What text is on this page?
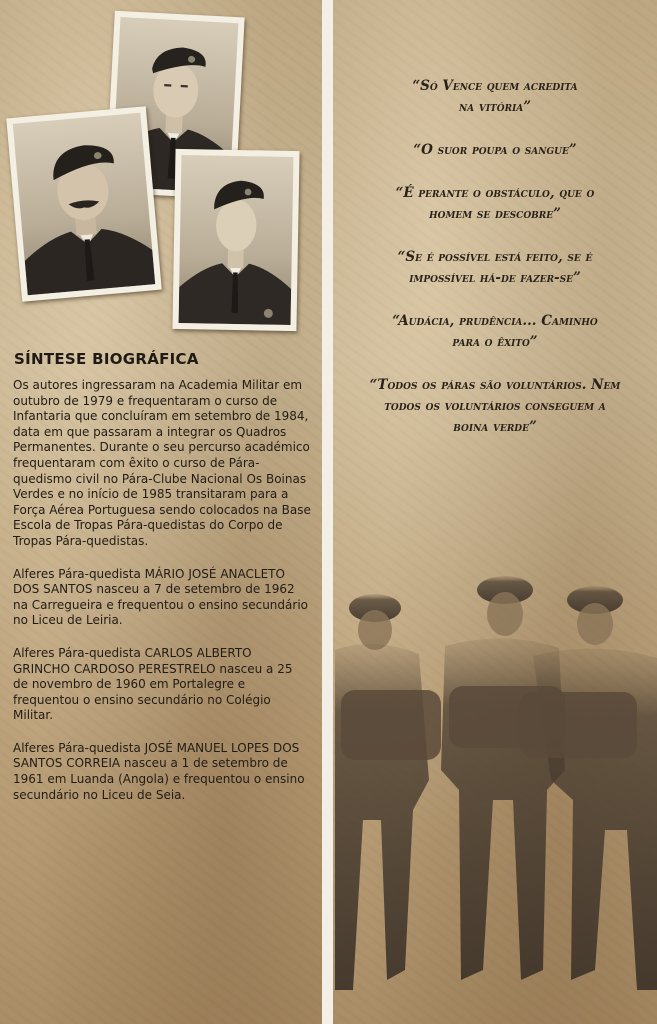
SÍNTESE BIOGRÁFICA

Os autores ingressaram na Academia Militar em outubro de 1979 e frequentaram o curso de Infantaria que concluíram em setembro de 1984, data em que passaram a integrar os Quadros Permanentes. Durante o seu percurso académico frequentaram com êxito o curso de Pára-quedismo civil no Pára-Clube Nacional Os Boinas Verdes e no início de 1985 transitaram para a Força Aérea Portuguesa sendo colocados na Base Escola de Tropas Pára-quedistas do Corpo de Tropas Pára-quedistas.

Alferes Pára-quedista MÁRIO JOSÉ ANACLETO DOS SANTOS nasceu a 7 de setembro de 1962 na Carregueira e frequentou o ensino secundário no Liceu de Leiria.

Alferes Pára-quedista CARLOS ALBERTO GRINCHO CARDOSO PERESTRELO nasceu a 25 de novembro de 1960 em Portalegre e frequentou o ensino secundário no Colégio Militar.

Alferes Pára-quedista JOSÉ MANUEL LOPES DOS SANTOS CORREIA nasceu a 1 de setembro de 1961 em Luanda (Angola) e frequentou o ensino secundário no Liceu de Seia.

“Só Vence quem acredita na vitória”
“O suor poupa o sangue”
“É perante o obstáculo, que o homem se descobre”
“Se é possível está feito, se é impossível há-de fazer-se”
“Audácia, prudência... Caminho para o êxito”
“Todos os páras são voluntários. Nem todos os voluntários conseguem a boina verde”
